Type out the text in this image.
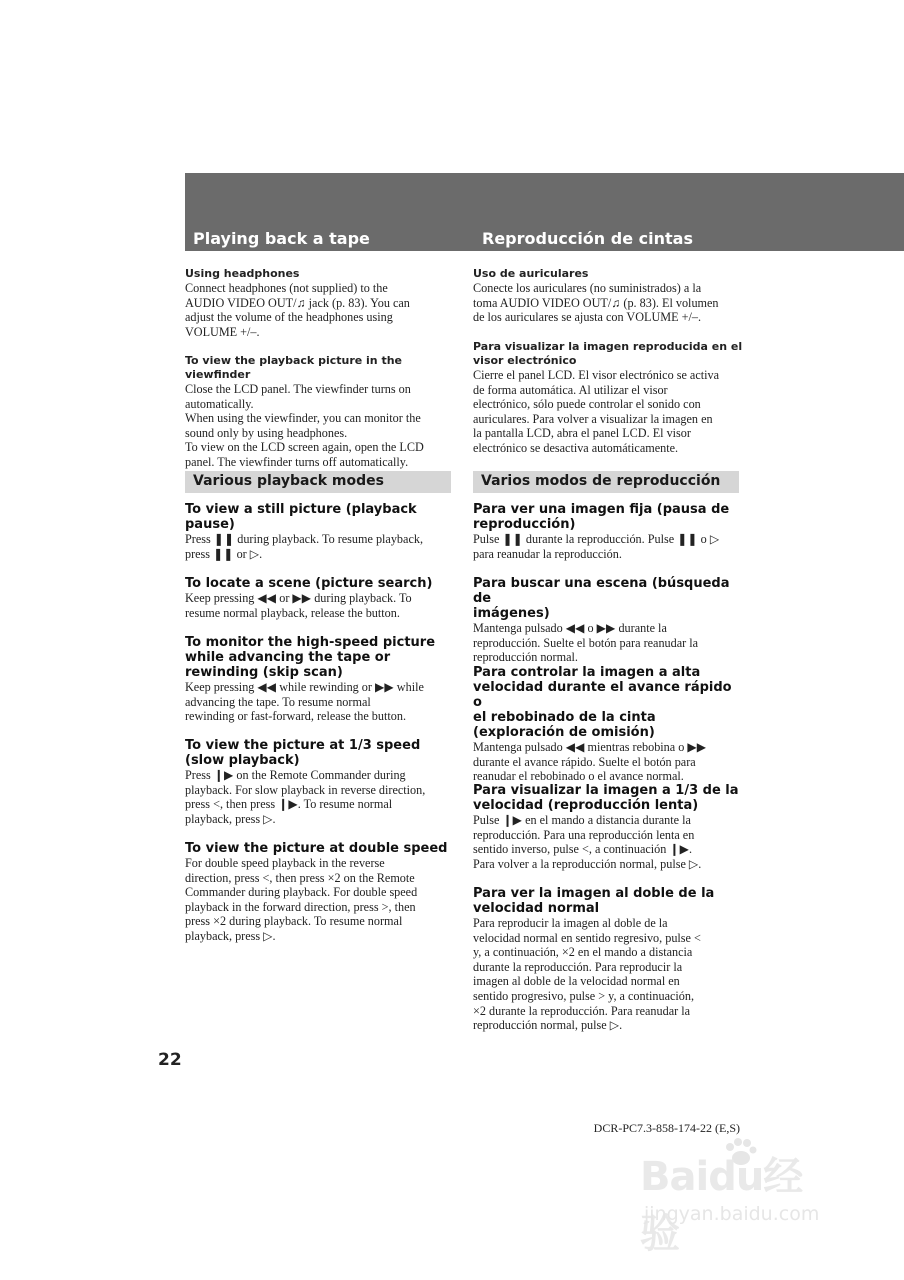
Playing back a tape	Reproducción de cintas
Using headphones

Connect headphones (not supplied) to the

AUDIO VIDEO OUT/♫ jack (p. 83). You can

adjust the volume of the headphones using

VOLUME +/–.

To view the playback picture in the viewfinder

Close the LCD panel. The viewfinder turns on

automatically.

When using the viewfinder, you can monitor the

sound only by using headphones.

To view on the LCD screen again, open the LCD

panel. The viewfinder turns off automatically.

Various playback modes
To view a still picture (playback
pause)

Press ❚❚ during playback. To resume playback,

press ❚❚ or ▷.

To locate a scene (picture search)

Keep pressing ◀◀ or ▶▶ during playback. To

resume normal playback, release the button.

To monitor the high-speed picture
while advancing the tape or
rewinding (skip scan)

Keep pressing ◀◀ while rewinding or ▶▶ while

advancing the tape. To resume normal

rewinding or fast-forward, release the button.

To view the picture at 1/3 speed
(slow playback)

Press ❙▶ on the Remote Commander during

playback. For slow playback in reverse direction,

press <, then press ❙▶. To resume normal

playback, press ▷.

To view the picture at double speed

For double speed playback in the reverse

direction, press <, then press ×2 on the Remote

Commander during playback. For double speed

playback in the forward direction, press >, then

press ×2 during playback. To resume normal

playback, press ▷.

Uso de auriculares

Conecte los auriculares (no suministrados) a la

toma AUDIO VIDEO OUT/♫ (p. 83). El volumen

de los auriculares se ajusta con VOLUME +/–.

Para visualizar la imagen reproducida en el
visor electrónico

Cierre el panel LCD. El visor electrónico se activa

de forma automática. Al utilizar el visor

electrónico, sólo puede controlar el sonido con

auriculares. Para volver a visualizar la imagen en

la pantalla LCD, abra el panel LCD. El visor

electrónico se desactiva automáticamente.

Varios modos de reproducción
Para ver una imagen fija (pausa de
reproducción)

Pulse ❚❚ durante la reproducción. Pulse ❚❚ o ▷

para reanudar la reproducción.

Para buscar una escena (búsqueda de
imágenes)

Mantenga pulsado ◀◀ o ▶▶ durante la

reproducción. Suelte el botón para reanudar la

reproducción normal.

Para controlar la imagen a alta
velocidad durante el avance rápido o
el rebobinado de la cinta
(exploración de omisión)

Mantenga pulsado ◀◀ mientras rebobina o ▶▶

durante el avance rápido. Suelte el botón para

reanudar el rebobinado o el avance normal.

Para visualizar la imagen a 1/3 de la
velocidad (reproducción lenta)

Pulse ❙▶ en el mando a distancia durante la

reproducción. Para una reproducción lenta en

sentido inverso, pulse <, a continuación ❙▶.

Para volver a la reproducción normal, pulse ▷.

Para ver la imagen al doble de la
velocidad normal

Para reproducir la imagen al doble de la

velocidad normal en sentido regresivo, pulse <

y, a continuación, ×2 en el mando a distancia

durante la reproducción. Para reproducir la

imagen al doble de la velocidad normal en

sentido progresivo, pulse > y, a continuación,

×2 durante la reproducción. Para reanudar la

reproducción normal, pulse ▷.

22
DCR-PC7.3-858-174-22 (E,S)
Baidu经验
jingyan.baidu.com
